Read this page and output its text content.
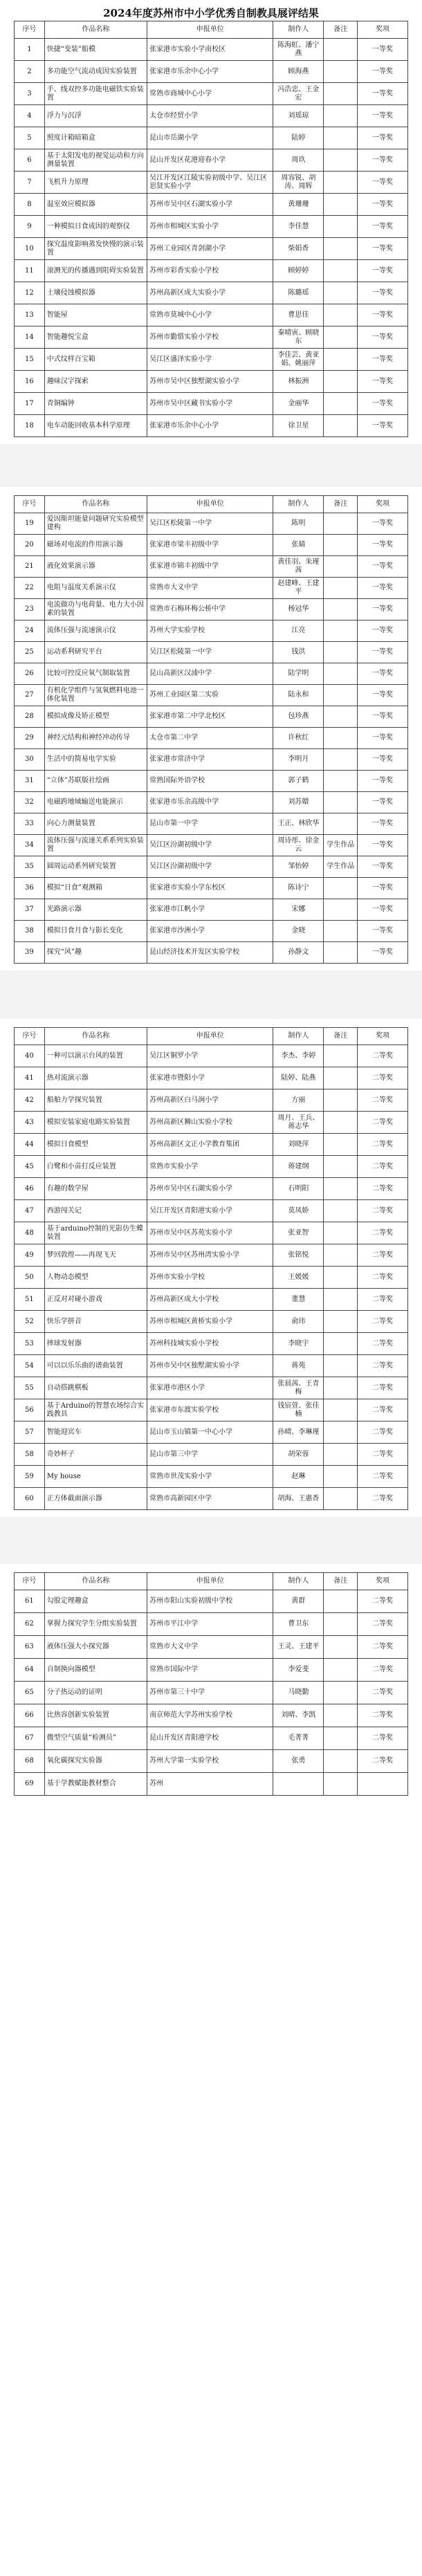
2024年度苏州市中小学优秀自制教具展评结果
序号	作品名称	申报单位	制作人	备注	奖项
1	快捷“变装”船模	张家港市实验小学南校区	陈海虹、潘宁燕		一等奖
2	多功能空气流动成因实验装置	张家港市乐余中心小学	顾海燕		一等奖
3	手、线双控多功能电磁铁实验装置	常熟市商城中心小学	冯浩忠、王金宏		一等奖
4	浮力与沉浮	太仓市经贸小学	刘瑶琼		一等奖
5	照度计箱暗箱盒	昆山市岳湖小学	陆婷		一等奖
6	基于太阳发电的视觉运动和方向测量装置	昆山开发区花港迎春小学	周玖		一等奖
7	飞机升力原理	吴江开发区江陵实验初级中学、吴江区思贤实验小学	周容锐、胡涛、周辉		一等奖
8	温室效应模拟器	苏州市吴中区石湖实验小学	黄珊珊		一等奖
9	一种模拟日食成因的观察仪	苏州市相城区实验小学	李佳慧		一等奖
10	探究温度影响蒸发快慢的演示装置	苏州工业园区青剑湖小学	柴娟香		一等奖
11	滚测光的传播遇到阻碍实验装置	苏州市彩香实验小学校	顾婷婷		一等奖
12	土壤侵蚀模拟器	苏州高新区成大实验小学	陈璐瑶		一等奖
13	智能屋	常熟市莫城中心小学	曹思佳		一等奖
14	智能趣悦宝盒	苏州市勤惜实验小学校	秦晴寅、顾晓东		一等奖
15	中式纹样百宝箱	吴江区盛泽实验小学	李佳芸、黄亚娟、姚丽萍		一等奖
16	趣味汉字探索	苏州市吴中区独墅湖实验小学	林振洲		一等奖
17	青铜编钟	苏州市吴中区藏书实验小学	金丽华		一等奖
18	电车动能回收基本科学原理	张家港市乐余中心小学	徐卫星		一等奖
序号	作品名称	申报单位	制作人	备注	奖项
19	爱因斯坦能量问题研究实验模型建构	吴江区松陵第一中学	陈明		一等奖
20	磁场对电流的作用演示器	张家港市梁丰初级中学	张婧		一等奖
21	液化效果演示器	张家港市锦丰初级中学	黄佳羽、朱瑾茜		一等奖
22	电阻与温度关系演示仪	常熟市大义中学	赵建峰、王建平		一等奖
23	电流做功与电荷量、电力大小因素的装置	常熟市石梅环梅公桥中学	杨冠华		一等奖
24	流体压强与流速演示仪	苏州大学实验学校	江亮		一等奖
25	运动系利研究平台	吴江区松陵第一中学	钱洪		一等奖
26	比较可控反应氧气制取装置	昆山高新区汉浦中学	陆学明		一等奖
27	有机化学组件与氢氧燃料电池一体化装置	苏州工业园区第二实验	陆永和		一等奖
28	模拟成像及矫正模型	张家港市第二中学北校区	包珍燕		一等奖
29	神经元结构和神经冲动传导	太仓市第二中学	许秋红		一等奖
30	生活中的简易电学实验	张家港市常济中学	李明月		一等奖
31	“立体”苏联版社绘画	常熟国际外语学校	郭子鹤		一等奖
32	电磁跨地域输送电能演示	张家港市乐余高级中学	刘苏嬛		一等奖
33	向心力测量装置	昆山市第一中学	王正、林欣华		一等奖
34	流体压强与流速关系系列实验装置	吴江区汾湖初级中学	周诗彤、徐金云	学生作品	一等奖
35	圆周运动系列研究装置	吴江区汾湖初级中学	邹怡婷	学生作品	一等奖
36	模拟“日食”观测箱	张家港市实验小学东校区	陈诗宁		一等奖
37	光路演示器	张家港市江帆小学	宋娜		一等奖
38	模拟日食月食与影长变化	张家港市沙洲小学	金晓		一等奖
39	探究“风”趣	昆山经济技术开发区实验学校	孙静文		一等奖
序号	作品名称	申报单位	制作人	备注	奖项
40	一种可以演示台风的装置	吴江区铜罗小学	李杰、李婷		二等奖
41	热对流演示器	张家港市暨阳小学	陆婷、陆燕		二等奖
42	船舶力学探究装置	苏州高新区白马涧小学	方丽		二等奖
43	模拟安装家庭电路实验装置	苏州高新区狮山实验小学校	周月、王兵、蒋志华		二等奖
44	模拟日食模型	苏州高新区文正小学教育集团	刘晓萍		二等奖
45	白鹭和小苗打反应装置	常熟市实验小学	蒋建纲		二等奖
46	有趣的数学屋	苏州市吴中区石湖实验小学	石明阳		二等奖
47	西游闯关记	吴江开发区青阳港实验小学	莫凤娇		二等奖
48	基于arduino控制的光影仿生蝶装置	苏州市吴中区苏苑实验小学	张亚智		二等奖
49	梦回敦煌——再现飞天	苏州市吴中区苏州湾实验小学	张铭悦		二等奖
50	人物动态模型	苏州市实验小学校	王媛媛		二等奖
51	正反对对碰小游戏	苏州高新区成大小学校	董慧		二等奖
52	快乐学拼音	苏州市相城区黄桥实验小学	俞玮		二等奖
53	摔球发射器	苏州科技城实验小学校	李晓宇		二等奖
54	可以以乐乐曲的谱曲装置	苏州市吴中区独墅湖实验小学	蒋苑		二等奖
55	自动搭跳棋板	张家港市港区小学	张晨茜、王青梅		二等奖
56	基于Arduino的智慧农场综合实践教具	张家港市东渡实验学校	钱宸萱、张佳楠		二等奖
57	智能迎宾车	昆山市玉山镇第一中心小学	孙晴、李琳瑾		二等奖
58	奇妙杯子	昆山市第三中学	胡荣蓉		二等奖
59	My house	常熟市世茂实验小学	赵琳		二等奖
60	正方体截面演示器	常熟市高新园区中学	胡海、王惠香		二等奖
序号	作品名称	申报单位	制作人	备注	奖项
61	勾股定理趣盒	苏州市阳山实验初级中学校	黄群		二等奖
62	掌握力探究学生分组实验装置	苏州市平江中学	曹卫东		二等奖
63	液体压强大小探究器	常熟市大义中学	王灵、王建平		二等奖
64	自制换向器模型	常熟市国际中学	李爱斐		二等奖
65	分子热运动的证明	苏州市第三十中学	马晓勤		二等奖
66	比热容创新实验装置	南京师范大学苏州实验学校	刘晴、李凯		二等奖
67	微型空气质量“检测员”	昆山开发区青阳港学校	毛菁菁		二等奖
68	氧化碳探究实验器	苏州大学第一实验学校	张勇		二等奖
69	基于学教赋能教材整合	苏州			
